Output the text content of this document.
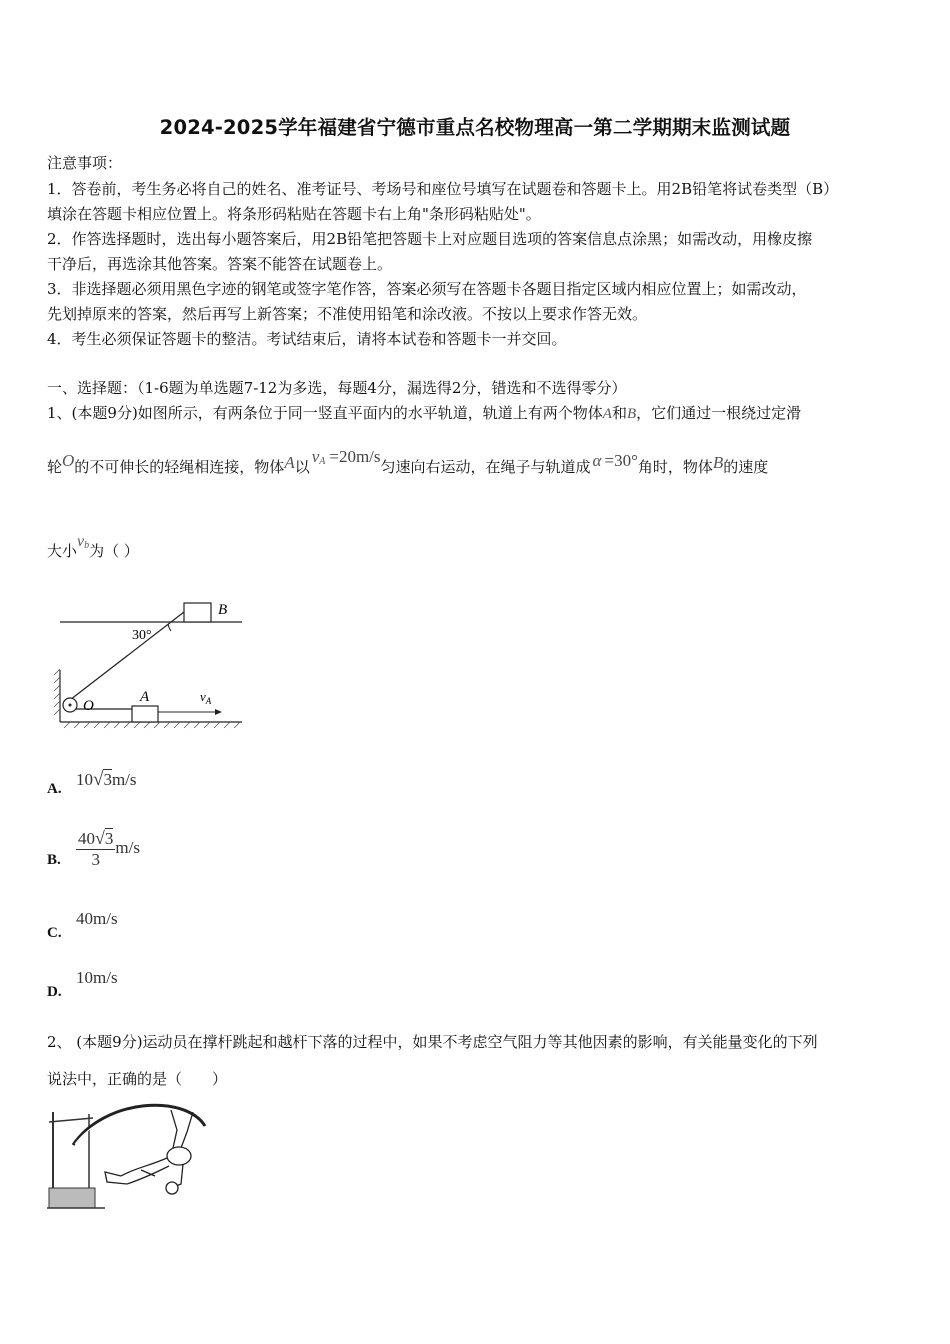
2024-2025学年福建省宁德市重点名校物理高一第二学期期末监测试题
注意事项：
1．答卷前，考生务必将自己的姓名、准考证号、考场号和座位号填写在试题卷和答题卡上。用2B铅笔将试卷类型（B）
填涂在答题卡相应位置上。将条形码粘贴在答题卡右上角"条形码粘贴处"。
2．作答选择题时，选出每小题答案后，用2B铅笔把答题卡上对应题目选项的答案信息点涂黑；如需改动，用橡皮擦
干净后，再选涂其他答案。答案不能答在试题卷上。
3．非选择题必须用黑色字迹的钢笔或签字笔作答，答案必须写在答题卡各题目指定区域内相应位置上；如需改动，
先划掉原来的答案，然后再写上新答案；不准使用铅笔和涂改液。不按以上要求作答无效。
4．考生必须保证答题卡的整洁。考试结束后，请将本试卷和答题卡一并交回。
一、选择题：（1-6题为单选题7-12为多选，每题4分，漏选得2分，错选和不选得零分）
1、(本题9分)如图所示，有两条位于同一竖直平面内的水平轨道，轨道上有两个物体A和B，它们通过一根绕过定滑
轮O的不可伸长的轻绳相连接，物体A以$v_A =20m/s$匀速向右运动，在绳子与轨道成 α =30°角时，物体B的速度
大小$v_b$为（ ）
B
30°
O
A	$v_A$
A. 10√3m/s
B. $\frac{40√3}{3} m/s$
C.
40m/s
D.
10m/s
2、 (本题9分)运动员在撑杆跳起和越杆下落的过程中，如果不考虑空气阻力等其他因素的影响，有关能量变化的下列
说法中，正确的是（　　）
